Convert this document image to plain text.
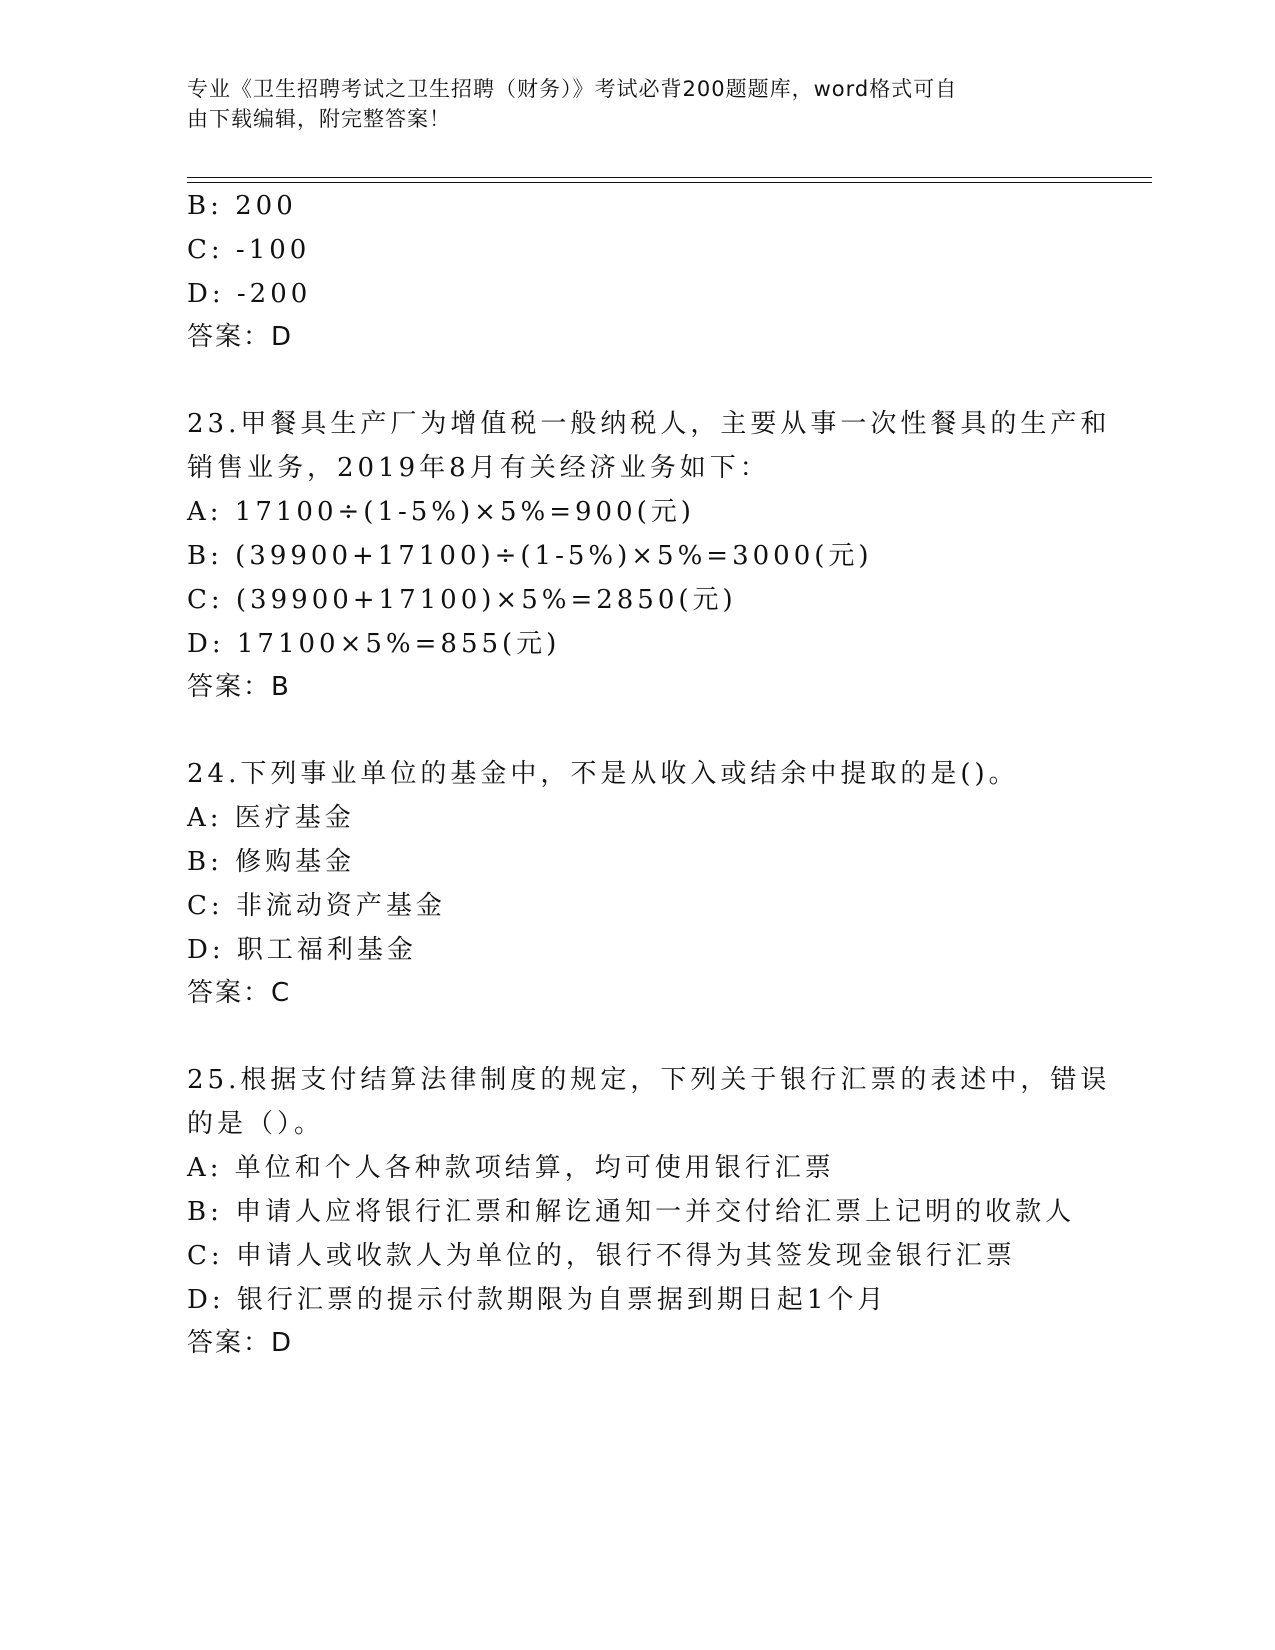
专业《卫生招聘考试之卫生招聘（财务）》考试必背200题题库，word格式可自
由下载编辑，附完整答案！
B: 200
C: -100
D: -200
答案：D
23.甲餐具生产厂为增值税一般纳税人，主要从事一次性餐具的生产和
销售业务，2019年8月有关经济业务如下：
A: 17100÷(1-5%)×5%=900(元)
B: (39900+17100)÷(1-5%)×5%=3000(元)
C: (39900+17100)×5%=2850(元)
D: 17100×5%=855(元)
答案：B
24.下列事业单位的基金中，不是从收入或结余中提取的是()。
A: 医疗基金
B: 修购基金
C: 非流动资产基金
D: 职工福利基金
答案：C
25.根据支付结算法律制度的规定，下列关于银行汇票的表述中，错误
的是（）。
A: 单位和个人各种款项结算，均可使用银行汇票
B: 申请人应将银行汇票和解讫通知一并交付给汇票上记明的收款人
C: 申请人或收款人为单位的，银行不得为其签发现金银行汇票
D: 银行汇票的提示付款期限为自票据到期日起1个月
答案：D
